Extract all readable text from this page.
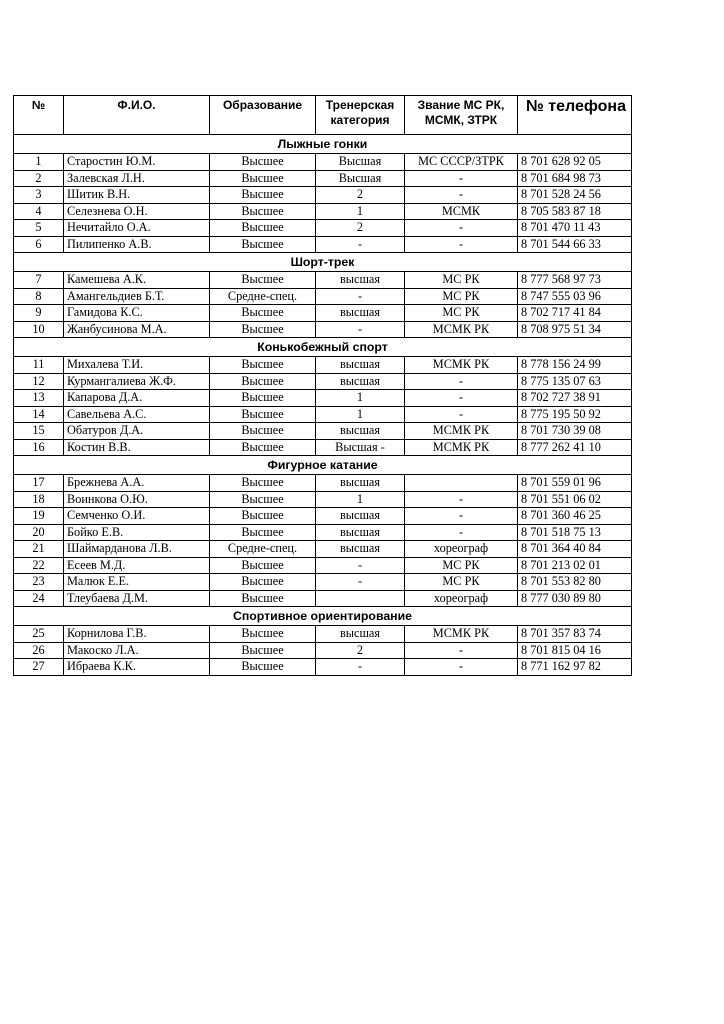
№	Ф.И.О.	Образование	Тренерская категория	Звание МС РК, МСМК, ЗТРК	№ телефона
Лыжные гонки					
1	Старостин Ю.М.	Высшее	Высшая	МС СССР/ЗТРК	8 701 628 92 05
2	Залевская Л.Н.	Высшее	Высшая	-	8 701 684 98 73
3	Шитик В.Н.	Высшее	2	-	8 701 528 24 56
4	Селезнева О.Н.	Высшее	1	МСМК	8 705 583 87 18
5	Нечитайло О.А.	Высшее	2	-	8 701 470 11 43
6	Пилипенко А.В.	Высшее	-	-	8 701 544 66 33
Шорт-трек					
7	Камешева А.К.	Высшее	высшая	МС РК	8 777 568 97 73
8	Амангельдиев Б.Т.	Средне-спец.	-	МС РК	8 747 555 03 96
9	Гамидова К.С.	Высшее	высшая	МС РК	8 702 717 41 84
10	Жанбусинова М.А.	Высшее	-	МСМК РК	8 708 975 51 34
Конькобежный спорт					
11	Михалева Т.И.	Высшее	высшая	МСМК РК	8 778 156 24 99
12	Курмангалиева Ж.Ф.	Высшее	высшая	-	8 775 135 07 63
13	Капарова Д.А.	Высшее	1	-	8 702 727 38 91
14	Савельева А.С.	Высшее	1	-	8 775 195 50 92
15	Обатуров Д.А.	Высшее	высшая	МСМК РК	8 701 730 39 08
16	Костин В.В.	Высшее	Высшая -	МСМК РК	8 777 262 41 10
Фигурное катание					
17	Брежнева А.А.	Высшее	высшая		8 701 559 01 96
18	Воинкова О.Ю.	Высшее	1	-	8 701 551 06 02
19	Семченко О.И.	Высшее	высшая	-	8 701 360 46 25
20	Бойко Е.В.	Высшее	высшая	-	8 701 518 75 13
21	Шаймарданова Л.В.	Средне-спец.	высшая	хореограф	8 701 364 40 84
22	Есеев М.Д.	Высшее	-	МС РК	8 701 213 02 01
23	Малюк Е.Е.	Высшее	-	МС РК	8 701 553 82 80
24	Тлеубаева Д.М.	Высшее		хореограф	8 777 030 89 80
Спортивное ориентирование					
25	Корнилова Г.В.	Высшее	высшая	МСМК РК	8 701 357 83 74
26	Макоско Л.А.	Высшее	2	-	8 701 815 04 16
27	Ибраева К.К.	Высшее	-	-	8 771 162 97 82
